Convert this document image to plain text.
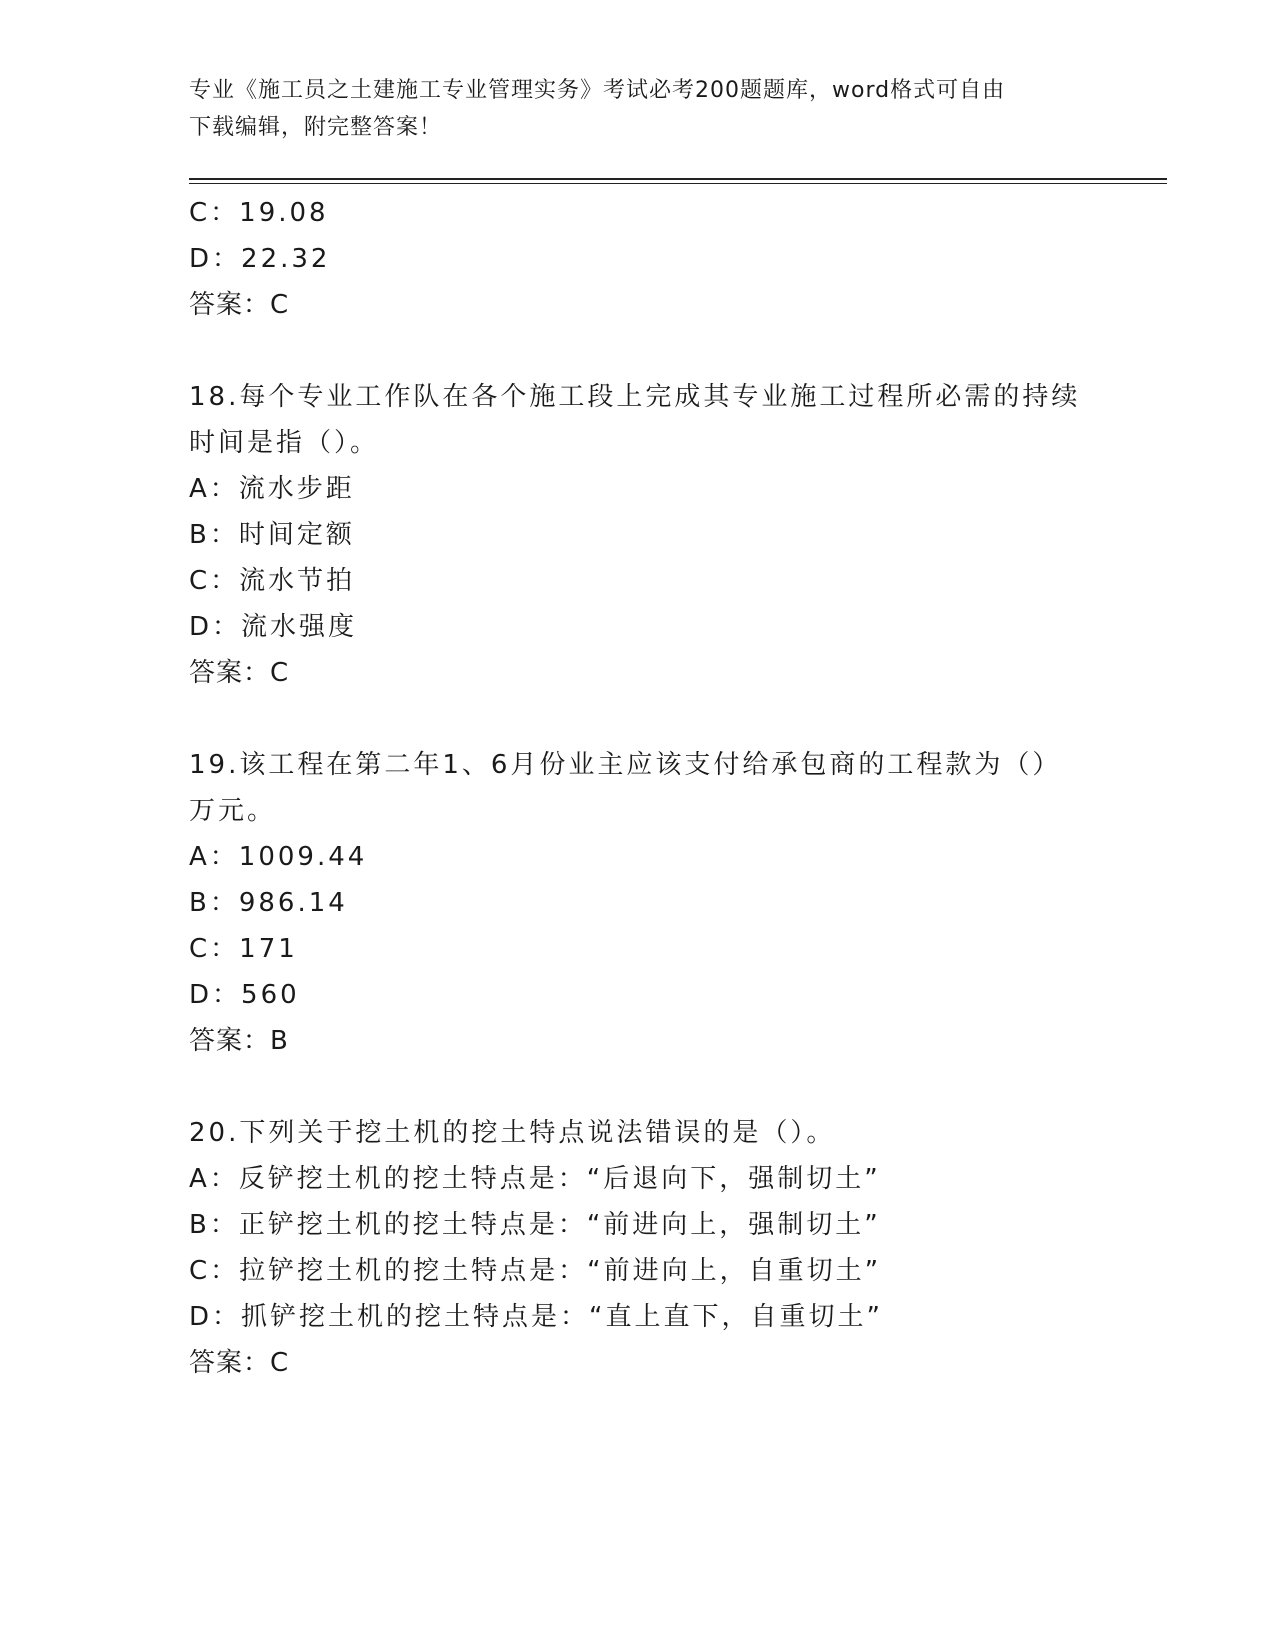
专业《施工员之土建施工专业管理实务》考试必考200题题库，word格式可自由
下载编辑，附完整答案！
C：19.08
D：22.32
答案：C
18.每个专业工作队在各个施工段上完成其专业施工过程所必需的持续
时间是指（）。
A：流水步距
B：时间定额
C：流水节拍
D：流水强度
答案：C
19.该工程在第二年1、6月份业主应该支付给承包商的工程款为（）
万元。
A：1009.44
B：986.14
C：171
D：560
答案：B
20.下列关于挖土机的挖土特点说法错误的是（）。
A：反铲挖土机的挖土特点是：“后退向下，强制切土”
B：正铲挖土机的挖土特点是：“前进向上，强制切土”
C：拉铲挖土机的挖土特点是：“前进向上，自重切土”
D：抓铲挖土机的挖土特点是：“直上直下，自重切土”
答案：C
